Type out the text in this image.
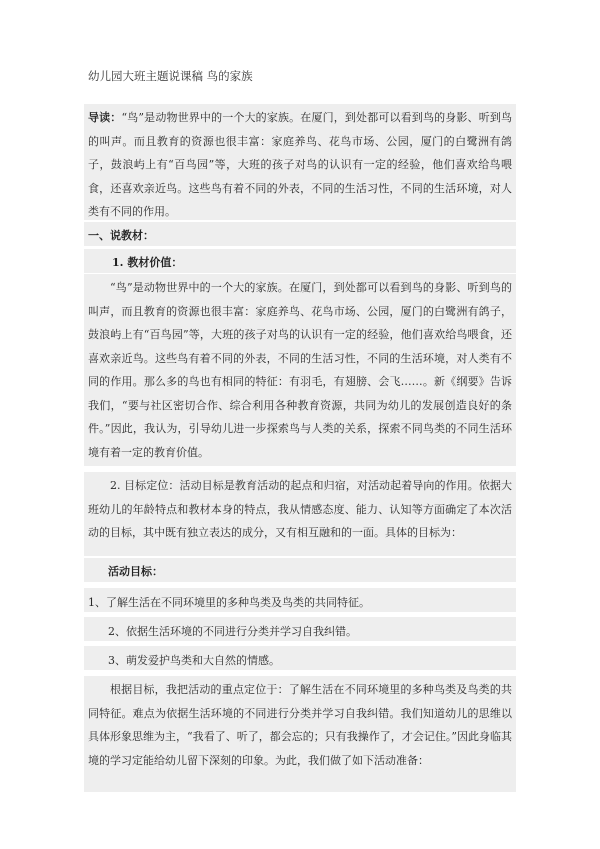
幼儿园大班主题说课稿 鸟的家族
导读：“鸟”是动物世界中的一个大的家族。在厦门，到处都可以看到鸟的身影、听到鸟的叫声。而且教育的资源也很丰富：家庭养鸟、花鸟市场、公园，厦门的白鹭洲有鸽子，鼓浪屿上有“百鸟园”等，大班的孩子对鸟的认识有一定的经验，他们喜欢给鸟喂食，还喜欢亲近鸟。这些鸟有着不同的外表，不同的生活习性，不同的生活环境，对人类有不同的作用。
一、说教材：
1. 教材价值：
“鸟”是动物世界中的一个大的家族。在厦门，到处都可以看到鸟的身影、听到鸟的叫声，而且教育的资源也很丰富：家庭养鸟、花鸟市场、公园，厦门的白鹭洲有鸽子，鼓浪屿上有“百鸟园”等，大班的孩子对鸟的认识有一定的经验，他们喜欢给鸟喂食，还喜欢亲近鸟。这些鸟有着不同的外表，不同的生活习性，不同的生活环境，对人类有不同的作用。那么多的鸟也有相同的特征：有羽毛，有翅膀、会飞……。新《纲要》告诉我们，“要与社区密切合作、综合利用各种教育资源，共同为幼儿的发展创造良好的条件。”因此，我认为，引导幼儿进一步探索鸟与人类的关系，探索不同鸟类的不同生活环境有着一定的教育价值。
2. 目标定位：活动目标是教育活动的起点和归宿，对活动起着导向的作用。依据大班幼儿的年龄特点和教材本身的特点，我从情感态度、能力、认知等方面确定了本次活动的目标，其中既有独立表达的成分，又有相互融和的一面。具体的目标为：
活动目标：
1、了解生活在不同环境里的多种鸟类及鸟类的共同特征。
2、依据生活环境的不同进行分类并学习自我纠错。
3、萌发爱护鸟类和大自然的情感。
根据目标，我把活动的重点定位于：了解生活在不同环境里的多种鸟类及鸟类的共同特征。难点为依据生活环境的不同进行分类并学习自我纠错。我们知道幼儿的思维以具体形象思维为主，“我看了、听了，都会忘的；只有我操作了，才会记住。”因此身临其境的学习定能给幼儿留下深刻的印象。为此，我们做了如下活动准备：
